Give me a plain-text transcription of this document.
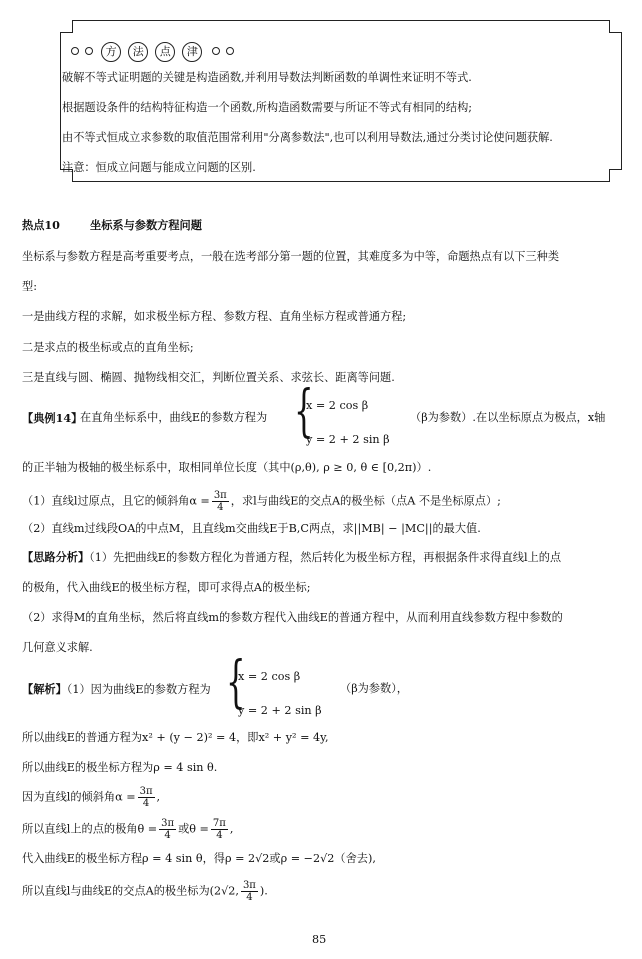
方 法 点 津
破解不等式证明题的关键是构造函数,并利用导数法判断函数的单调性来证明不等式.
根据题设条件的结构特征构造一个函数,所构造函数需要与所证不等式有相同的结构;
由不等式恒成立求参数的取值范围常利用"分离参数法",也可以利用导数法,通过分类讨论使问题获解.
注意：恒成立问题与能成立问题的区别.
热点10	坐标系与参数方程问题
坐标系与参数方程是高考重要考点，一般在选考部分第一题的位置，其难度多为中等，命题热点有以下三种类
型:
一是曲线方程的求解，如求极坐标方程、参数方程、直角坐标方程或普通方程;
二是求点的极坐标或点的直角坐标;
三是直线与圆、椭圆、抛物线相交汇，判断位置关系、求弦长、距离等问题.
【典例14】
在直角坐标系中，曲线E的参数方程为 {
x = 2 cos β
y = 2 + 2 sin β
（β为参数）.在以坐标原点为极点，x轴
的正半轴为极轴的极坐标系中，取相同单位长度（其中(ρ,θ), ρ ≥ 0, θ ∈ [0,2π)）.
（1）直线l过原点，且它的倾斜角$\alpha = \frac{3\pi}{4}$ ，求l与曲线E的交点A的极坐标（点A 不是坐标原点）;
（2）直线m过线段OA的中点M，且直线m交曲线E于B,C两点，求||MB| − |MC||的最大值.
【思路分析】（1）先把曲线E的参数方程化为普通方程，然后转化为极坐标方程，再根据条件求得直线l上的点
的极角，代入曲线E的极坐标方程，即可求得点A的极坐标;
（2）求得M的直角坐标，然后将直线m的参数方程代入曲线E的普通方程中，从而利用直线参数方程中参数的
几何意义求解.
【解析】（1）因为曲线E的参数方程为 {
x = 2 cos β
y = 2 + 2 sin β
（β为参数），
所以曲线E的普通方程为x² + (y − 2)² = 4，即x² + y² = 4y,
所以曲线E的极坐标方程为ρ = 4 sin θ.
因为直线l的倾斜角$\alpha = \frac{3\pi}{4}$ ,
所以直线l上的点的极角$\theta = \frac{3\pi}{4}$ 或$\theta = \frac{7\pi}{4}$ ,
代入曲线E的极坐标方程ρ = 4 sin θ，得ρ = 2√2或ρ = −2√2（舍去),
所以直线l与曲线E的交点A的极坐标为(2√2, $\frac{3\pi}{4}$ ).
85
